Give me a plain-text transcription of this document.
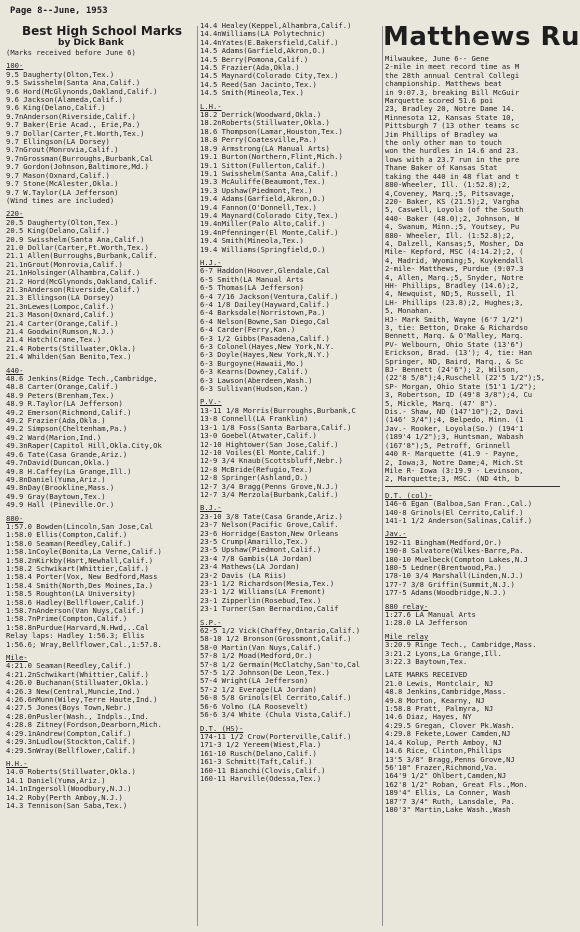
Page 8--June, 1953
Best High School Marks
by Dick Bank
(Marks received before June 6)
100-
9.5 Daugherty(Olton,Tex.)
9.5 Swisshelm(Santa Ana,Calif.)
9.6 Hord(McGlynonds,Oakland,Calif.)
9.6 Jackson(Alameda,Calif.)
9.6 King(Delano,Calif.)
9.7nAnderson(Riverside,Calif.)
9.7 Baker(Erie Acad., Erie,Pa.)
9.7 Dollar(Carter,Ft.Worth,Tex.)
9.7 Ellingson(LA Dorsey)
9.7nGrout(Monrovia,Calif.)
9.7nGrossman(Burroughs,Burbank,Cal
9.7 Gordon(Johnson,Baltimore,Md.)
9.7 Mason(Oxnard,Calif.)
9.7 Stone(McAlester,Okla.)
9.7 W.Taylor(LA Jefferson)
(Wind times are included)
220-
20.5 Daugherty(Olton,Tex.)
20.5 King(Delano,Calif.)
20.9 Swisshelm(Santa Ana,Calif.)
21.0 Dollar(Carter,Ft.Worth,Tex.)
21.1 Allen(Burroughs,Burbank,Calif.
21.1nGrout(Monrovia,Calif.)
21.1nHolsinger(Alhambra,Calif.)
21.2 Hord(McGlynonds,Oakland,Calif.
21.3nAnderson(Riverside,Calif.)
21.3 Ellingson(LA Dorsey)
21.3nLewes(Lompoc,Calif.)
21.3 Mason(Oxnard,Calif.)
21.4 Carter(Orange,Calif.)
21.4 Goodwin(Rumson,N.J.)
21.4 Hatch(Crane,Tex.)
21.4 Roberts(Stillwater,Okla.)
21.4 Whilden(San Benito,Tex.)
440-
48.6 Jenkins(Ridge Tech.,Cambridge,
48.8 Carter(Orange,Calif.)
48.9 Peters(Brenham,Tex.)
48.9 R.Taylor(LA Jefferson)
49.2 Emerson(Richmond,Calif.)
49.2 Frazier(Ada,Okla.)
49.2 Simpson(Cheltenham,Pa.)
49.2 Ward(Marion,Ind.)
49.3nRaper(Capitol Hill,Okla.City,Ok
49.6 Tate(Casa Grande,Ariz.)
49.7nDavid(Duncan,Okla.)
49.8 H.Caffey(La Grange,Ill.)
49.8nDaniel(Yuma,Ariz.)
49.8nDay(Brookline,Mass.)
49.9 Gray(Baytown,Tex.)
49.9 Hall (Pineville.Or.)
880-
1:57.0 Bowden(Lincoln,San Jose,Cal
1:58.0 Ellis(Compton,Calif.)
1:58.0 Seaman(Reedley,Calif.)
1:58.1nCoyle(Bonita,La Verne,Calif.)
1:58.2nKirkby(Hart,Newhall,Calif.)
1:58.2 Schwikart(Whittier,Calif.)
1:58.4 Porter(Vox, New Bedford,Mass
1:58.4 Smith(North,Des Moines,Ia.)
1:58.5 Roughton(LA University)
1:58.6 Hadley(Bellflower,Calif.)
1:58.7nAnderson(Van Nuys,Calif.)
1:58.7nPrime(Compton,Calif.)
1:58.8nPurdue(Harvard,N.Hwd,..Cal
Relay laps: Hadley 1:56.3; Ellis
1:56.6; Wray,Bellflower,Cal.,1:57.8.
Mile-
4:21.0 Seaman(Reedley,Calif.)
4:21.2nSchwikart(Whittier,Calif.)
4:26.0 Buchanan(Stillwater,Okla.)
4:26.3 New(Central,Muncie,Ind.)
4:26.6nMunn(Wiley,Terre Haute,Ind.)
4:27.5 Jones(Boys Town,Nebr.)
4:28.0nPusler(Wash., Indpls.,Ind.
4:28.8 Zitney(Fordson,Dearborn,Mich.
4:29.1nAndrew(Compton,Calif.)
4:29.3nLudlow(Stockton,Calif.)
4:29.5nWray(Bellflower,Calif.)
H.H.-
14.0 Roberts(Stillwater,Okla.)
14.1 Daniel(Yuma,Ariz.)
14.1nIngersoll(Woodbury,N.J.)
14.2 Roby(Perth Amboy,N.J.)
14.3 Tennison(San Saba,Tex.)
14.4 Healey(Keppel,Alhambra,Calif.)
14.4nWilliams(LA Polytechnic)
14.4nYates(E.Bakersfield,Calif.)
14.5 Adams(Garfield,Akron,O.)
14.5 Berry(Pomona,Calif.)
14.5 Frazier(Ada,Okla.)
14.5 Maynard(Colorado City,Tex.)
14.5 Reed(San Jacinto,Tex.)
14.5 Smith(Mineola,Tex.)
L.H.-
18.2 Derrick(Woodward,Okla.)
18.2nRoberts(Stillwater,Okla.)
18.6 Thompson(Lamar,Houston,Tex.)
18.8 Perry(Coatesville,Pa.)
18.9 Armstrong(LA Manual Arts)
19.1 Burton(Northern,Flint,Mich.)
19.1 Sitton(Fullerton,Calif.)
19.1 Swisshelm(Santa Ana,Calif.)
19.3 McAuliffe(Beaumont,Tex.)
19.3 Upshaw(Piedmont,Tex.)
19.4 Adams(Garfield,Akron,O.)
19.4 Fannon(O'Donnell,Tex.)
19.4 Maynard(Colorado City,Tex.)
19.4nMiller(Palo Alto,Calif.)
19.4nPfenninger(El Monte,Calif.)
19.4 Smith(Mineola,Tex.)
19.4 Williams(Springfield,O.)
H.J.-
6-7 Haddon(Hoover,Glendale,Cal
6-5 Smith(LA Manual Arts
6-5 Thomas(LA Jefferson)
6-4 7/16 Jackson(Ventura,Calif.)
6-4 1/8 Dailey(Hayward,Calif.)
6-4 Barksdale(Norristown,Pa.)
6-4 Nelson(Bowne,San Diego,Cal
6-4 Carder(Ferry,Kan.)
6-3 1/2 Gibbs(Pasadena,Calif.)
6-3 Colonel(Hayes,New York,N.Y.
6-3 Doyle(Hayes,New York,N.Y.)
6-3 Burgoyne(Hawaii,Mo.)
6-3 Kearns(Downey,Calif.)
6-3 Lawson(Aberdeen,Wash.)
6-3 Sullivan(Hudson,Kan.)
P.V.-
13-11 1/8 Morris(Burroughs,Burbank,C
13-8 Connell(LA Franklin)
13-1 1/8 Foss(Santa Barbara,Calif.)
13-0 Goebel(Atwater,Calif.)
12-10 Hightower(San Jose,Calif.)
12-10 Voiles(El Monte,Calif.)
12-9 3/4 Knaub(Scottsbluff,Nebr.)
12-8 McBride(Refugio,Tex.)
12-8 Springer(Ashland,O.)
12-7 3/4 Bragg(Penns Grove,N.J.)
12-7 3/4 Merzola(Burbank,Calif.)
B.J.-
23-10 3/8 Tate(Casa Grande,Ariz.)
23-7 Nelson(Pacific Grove,Calif.
23-6 Horridge(Easton,New Orleans
23-5 Crump(Amarillo,Tex.)
23-5 Upshaw(Piedmont,Calif.)
23-4 7/8 Gambis(LA Jordan)
23-4 Mathews(LA Jordan)
23-2 Davis (LA Riis)
23-1 1/2 Richardson(Mesia,Tex.)
23-1 1/2 Williams(LA Fremont)
23-1 Zipperlin(Rosebud,Tex.)
23-1 Turner(San Bernardino,Calif
S.P.-
62-5 1/2 Vick(Chaffey,Ontario,Calif.)
58-10 1/2 Bronson(Grossmont,Calif.)
58-0 Martin(Van Nuys,Calif.)
57-8 1/2 Moad(Medford,Or.)
57-8 1/2 Germain(McClatchy,San'to,Cal
57-5 1/2 Johnson(De Leon,Tex.)
57-4 Wright(LA Jefferson)
57-2 1/2 Everage(LA Jordan)
56-8 5/8 Grinols(El Cerrito,Calif.)
56-6 Volmo (LA Roosevelt)
56-6 3/4 White (Chula Vista,Calif.)
D.T. (HS)-
174-11 1/2 Crow(Porterville,Calif.)
171-3 1/2 Yereem(Wiest,Fla.)
161-10 Rusch(Delano,Calif.)
161-3 Schmitt(Taft,Calif.)
160-11 Bianchi(Clovis,Calif.)
160-11 Harville(Odessa,Tex.)
Matthews Ru
Milwaukee, June 6-- Gene
2-mile in meet record time as M
the 28th annual Central Collegi
championship. Matthews beat
in 9:07.3, breaking Bill McGuir
Marquette scored 51.6 poi
23, Bradley 20, Notre Dame 14.
Minnesota 12, Kansas State 10,
Pittsburgh 7 (13 other teams sc
Jim Phillips of Bradley wa
the only other man to touch
won the hurdles in 14.6 and 23.
lows with a 23.7 run in the pre
Thane Baker of Kansas Stat
taking the 440 in 48 flat and t
880-Wheeler, Ill. (1:52.8);2,
4,Coveney, Marq.;5, Pitsavage,
220- Baker, KS (21.5);2, Vargha
5, Caswell, Loyola (of the South
440- Baker (48.0);2, Johnson, W
4, Swanum, Minn.;5, Youtsey, Pu
880- Wheeler, Ill. (1:52.8);2,
4, Dalzell, Kansas;5, Mosher, Da
Mile- Kepford, MSC (4:14.2);2, (
4, Madrid, Wyoming;5, Kuykendall
2-mile- Matthews, Purdue (9:07.3
4, Allen, Marq.;5, Snyder, Notre
HH- Phillips, Bradley (14.6);2,
4, Newquist, ND;5, Russell, Il
LH- Phillips (23.8);2, Hughes;3,
5, Monahan.
HJ- Mark Smith, Wayne (6'7 1/2")
3, tie: Betton, Drake & Richardso
Bennett, Marq. & O'Malley, Marq.
PV- Welbourn, Ohio State (13'6")
Erickson, Brad. (13'); 4, tie: Han
Springer, ND, Baird, Marq., & Sc
BJ- Bennett (24'6"); 2, Wilson,
(22'8 5/8");4,Ruschell (22'5 1/2");5,
SP- Morgan, Ohio State (51'1 1/2");
3, Robertson, ID (49'8 3/8");4, Cu
5, Mickle, Marq. (47' 8").
Dis.- Shaw, ND (147'10");2, Davi
(146' 3/4");4, Belpedo, Minn. (1
Jav.- Rooker, Loyola(So.) (194'1
(189'4 1/2");3, Huntsman, Wabash
(167'8");5, Petroff, Grinnell
440 R- Marquette (41.9 - Payne,
2, Iowa;3, Notre Dame;4, Mich.St
Mile R- Iowa (3:19.9 - Levinson,
2, Marquette;3, MSC. (ND 4th, b
D.T. (col)-
146-6 Egan (Balboa,San Fran.,Cal.)
140-8 Grinols(El Cerrito,Calif.)
141-1 1/2 Anderson(Salinas,Calif.)
Jav.-
192-11 Bingham(Medford,Or.)
190-8 Salvatore(Wilkes-Barre,Pa.
180-10 Muelbeck(Compton Lakes,N.J
180-5 Ledner(Brentwood,Pa.)
178-10 3/4 Marshall(Linden,N.J.)
177-7 3/8 Griffin(Summit,N.J.)
177-5 Adams(Woodbridge,N.J.)
880 relay-
1:27.6 LA Manual Arts
1:28.0 LA Jefferson
Mile relay
3:20.9 Ringe Tech., Cambridge,Mass.
3:21.2 Lyons,La Grange,Ill.
3:22.3 Baytown,Tex.
LATE MARKS RECEIVED
21.0 Lewis, Montclair, NJ
48.8 Jenkins,Cambridge,Mass.
49.8 Morton, Kearny, NJ
1:58.8 Pratt, Palmyra, NJ
14.6 Diaz, Hayes, NY
4:29.5 Gregan, Clover Pk.Wash.
4:29.8 Fekete,Lower Camden,NJ
14.4 Kolup, Perth Amboy, NJ
14.6 Rice, Clinton,Phillips
13'5 3/8" Bragg,Penns Grove,NJ
56'10" Frazer,Richmond,Va.
164'9 1/2" Ohlbert,Camden,NJ
162'8 1/2" Roban, Great Fls.,Mon.
189'4" Ellis, La Conner, Wash
187'7 3/4" Ruth, Lansdale, Pa.
180'3" Martin,Lake Wash.,Wash
